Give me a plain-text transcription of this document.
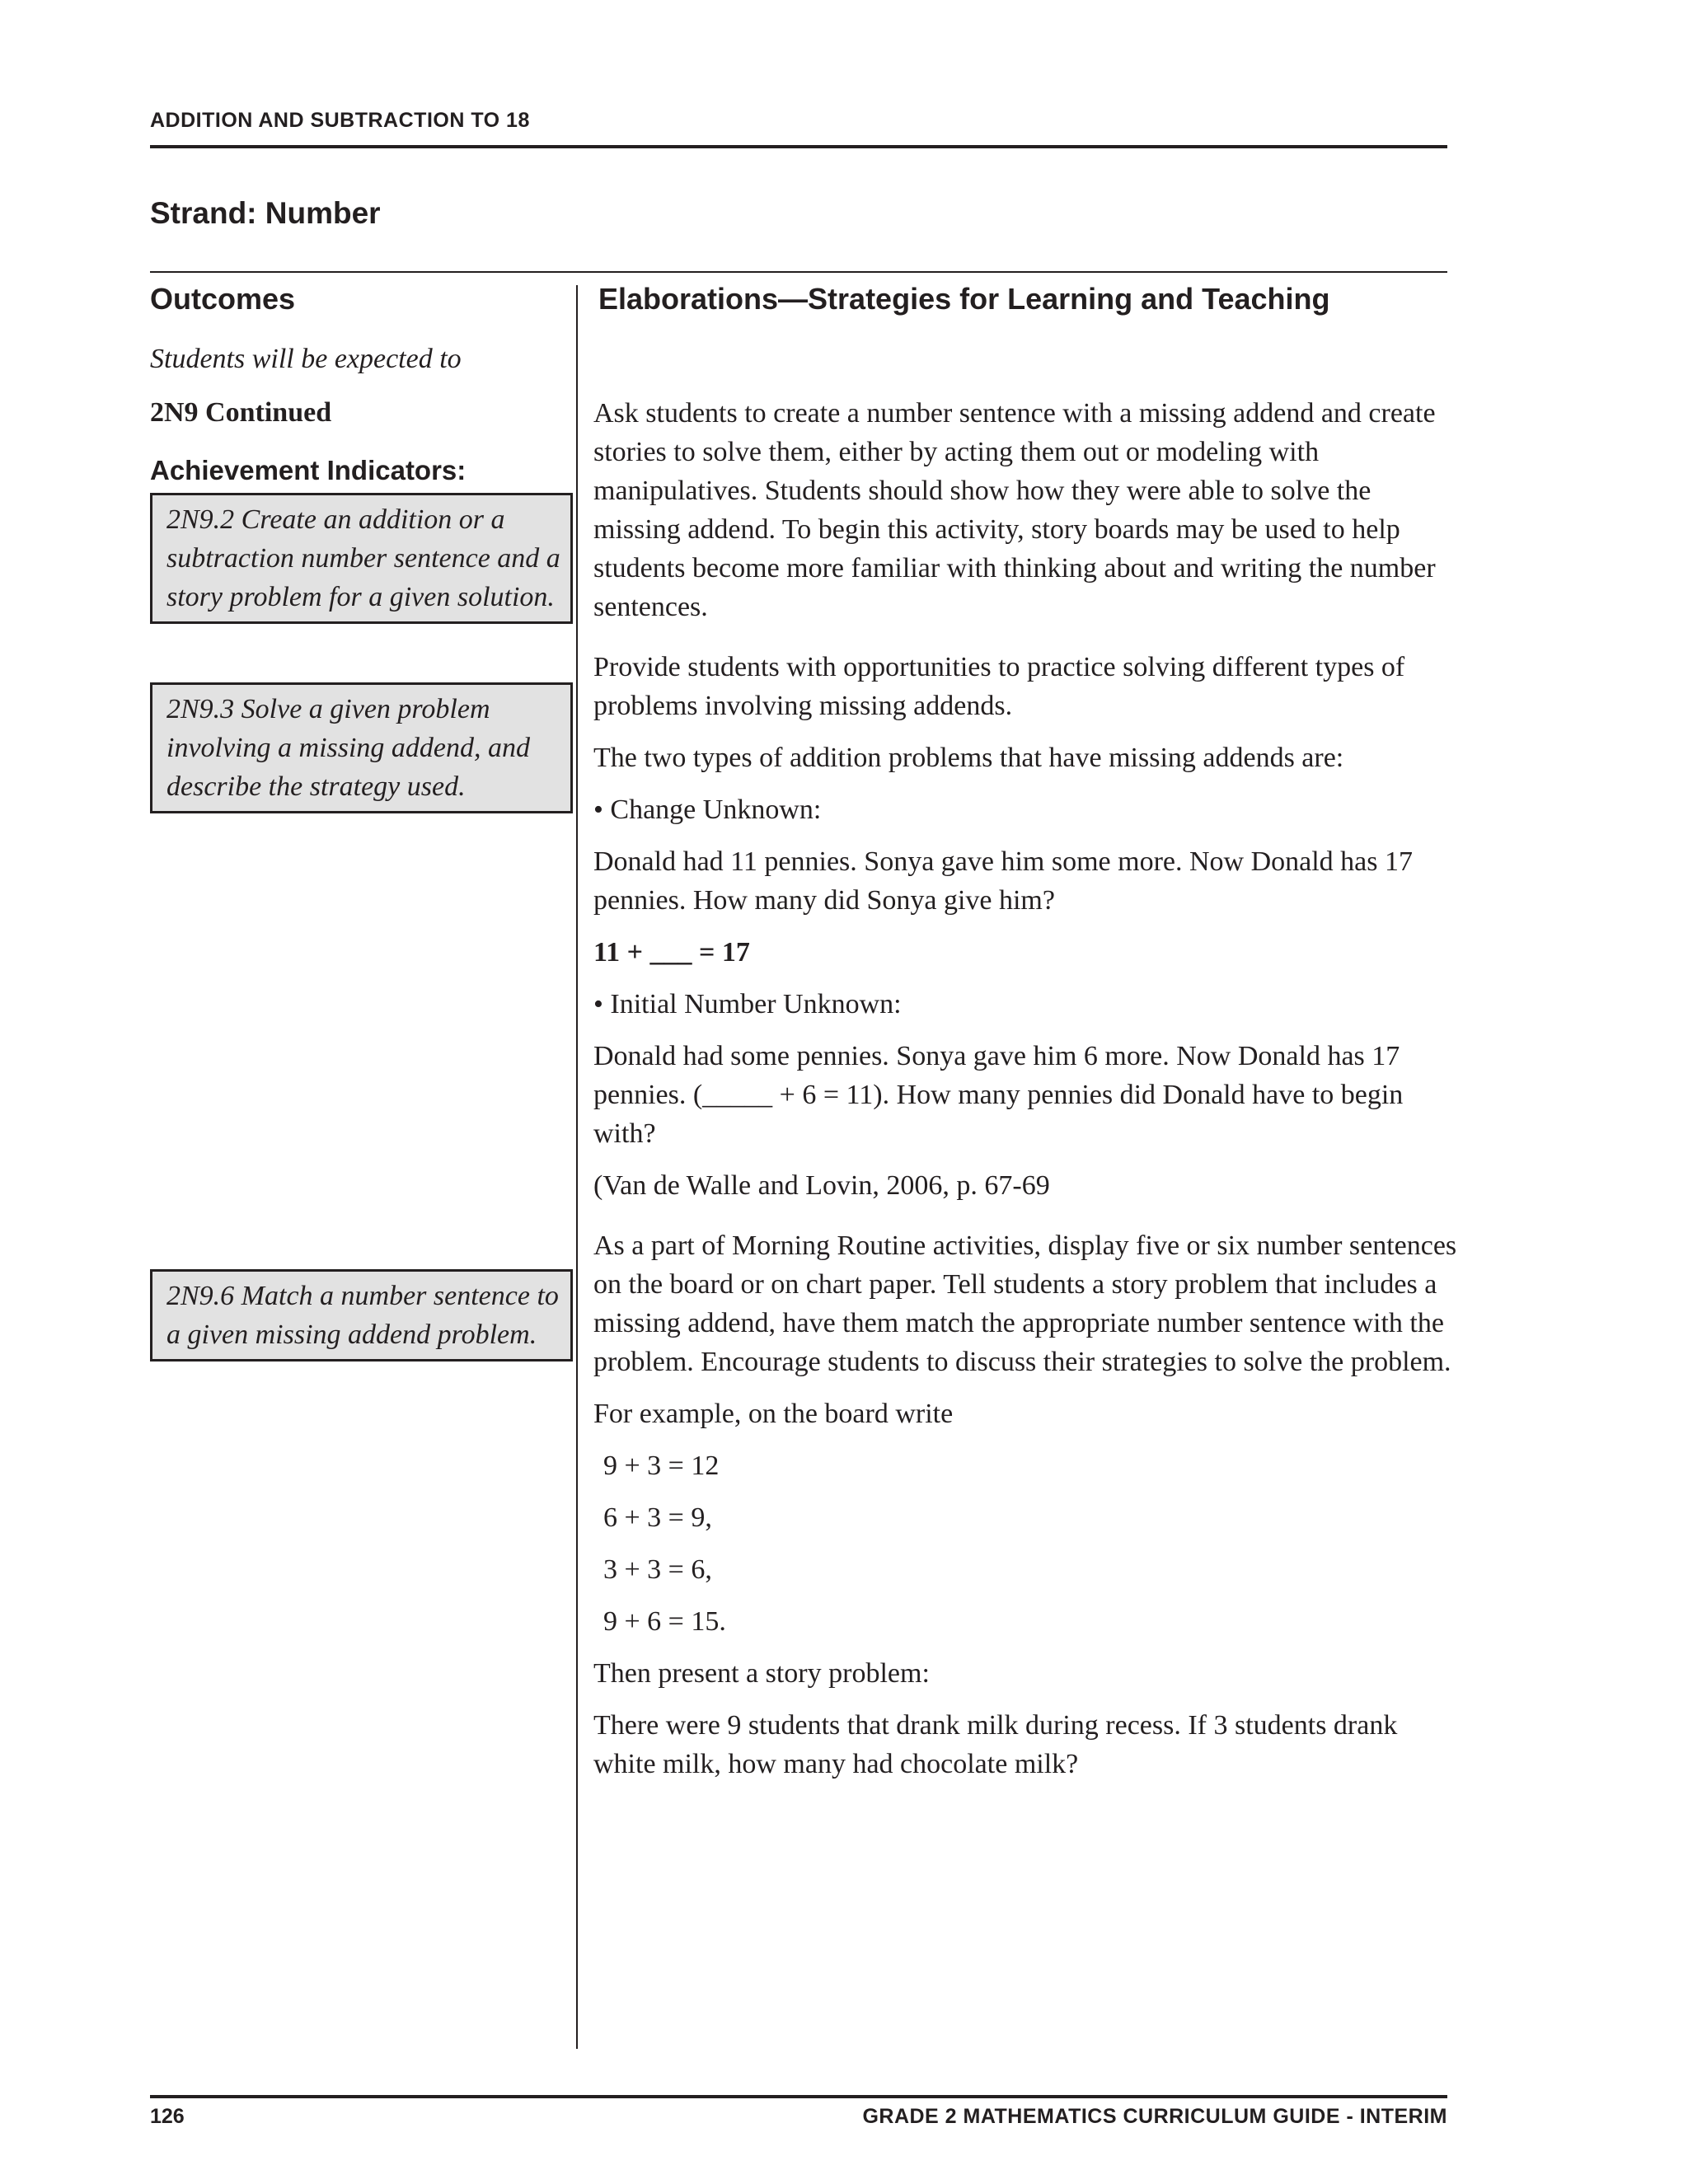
ADDITION AND SUBTRACTION TO 18
Strand: Number
Outcomes	Elaborations—Strategies for Learning and Teaching
Students will be expected to
2N9 Continued
Achievement Indicators:
2N9.2 Create an addition or a subtraction number sentence and a story problem for a given solution.
2N9.3 Solve a given problem involving a missing addend, and describe the strategy used.
2N9.6 Match a number sentence to a given missing addend problem.

Ask students to create a number sentence with a missing addend and create stories to solve them, either by acting them out or modeling with manipulatives. Students should show how they were able to solve the missing addend. To begin this activity, story boards may be used to help students become more familiar with thinking about and writing the number sentences.

Provide students with opportunities to practice solving different types of problems involving missing addends.

The two types of addition problems that have missing addends are:

• Change Unknown:

Donald had 11 pennies. Sonya gave him some more. Now Donald has 17 pennies. How many did Sonya give him?

11 + ___ = 17

• Initial Number Unknown:

Donald had some pennies. Sonya gave him 6 more. Now Donald has 17 pennies. (_____ + 6 = 11). How many pennies did Donald have to begin with?

(Van de Walle and Lovin, 2006, p. 67-69

As a part of Morning Routine activities, display five or six number sentences on the board or on chart paper. Tell students a story problem that includes a missing addend, have them match the appropriate number sentence with the problem. Encourage students to discuss their strategies to solve the problem.

For example, on the board write

9 + 3 = 12

6 + 3 = 9,

3 + 3 = 6,

9 + 6 = 15.

Then present a story problem:

There were 9 students that drank milk during recess. If 3 students drank white milk, how many had chocolate milk?

126	GRADE 2 MATHEMATICS CURRICULUM GUIDE - INTERIM
